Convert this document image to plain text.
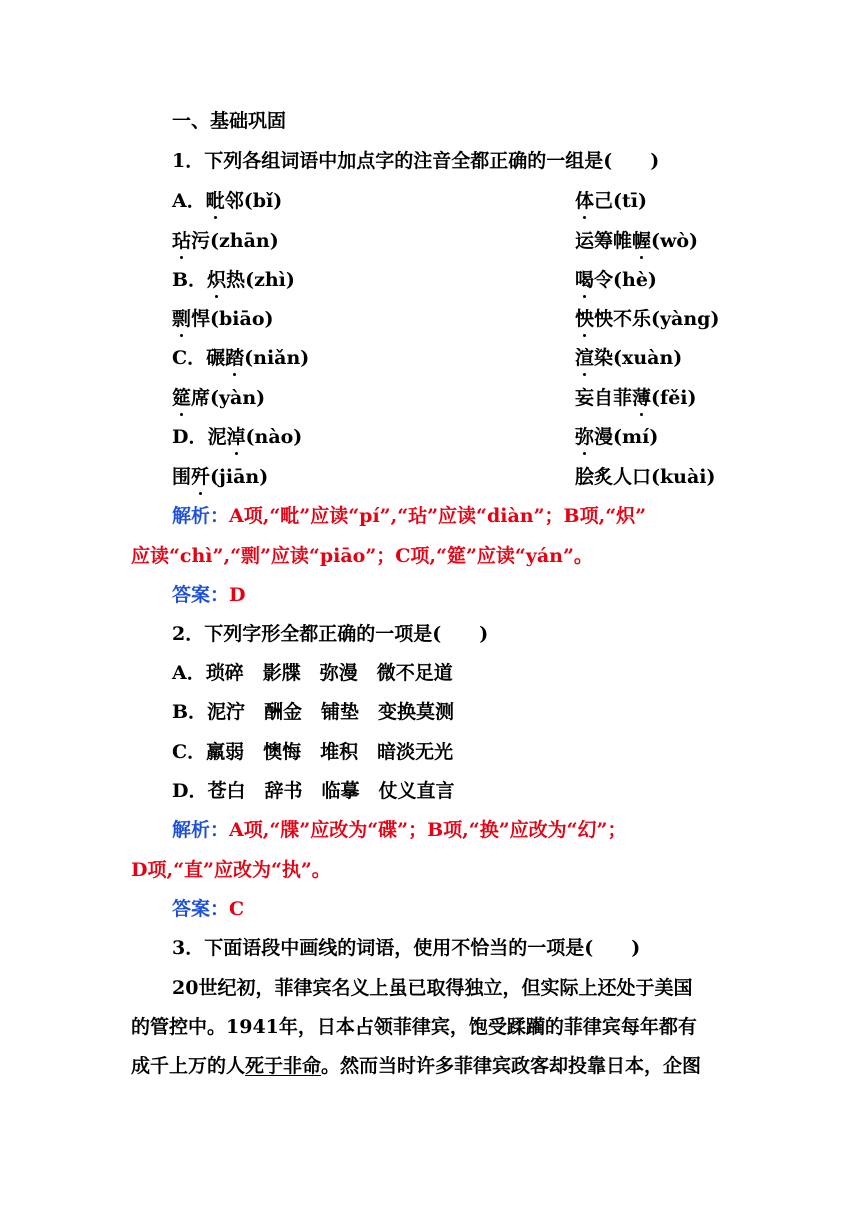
一、基础巩固
1．下列各组词语中加点字的注音全都正确的一组是(　　)
A．毗邻(bǐ)	体己(tī)
玷污(zhān)	运筹帷幄(wò)
B．炽热(zhì)	喝令(hè)
剽悍(biāo)	怏怏不乐(yàng)
C．碾踏(niǎn)	渲染(xuàn)
筵席(yàn)	妄自菲薄(fěi)
D．泥淖(nào)	弥漫(mí)
围歼(jiān)	脍炙人口(kuài)
解析：A项,“毗”应读“pí”,“玷”应读“diàn”；B项,“炽”
应读“chì”,“剽”应读“piāo”；C项,“筵”应读“yán”。
答案：D
2．下列字形全都正确的一项是(　　)
A．琐碎　影牒　弥漫　微不足道
B．泥泞　酬金　铺垫　变换莫测
C．羸弱　懊悔　堆积　暗淡无光
D．苍白　辞书　临摹　仗义直言
解析：A项,“牒”应改为“碟”；B项,“换”应改为“幻”；
D项,“直”应改为“执”。
答案：C
3．下面语段中画线的词语，使用不恰当的一项是(　　)
20世纪初，菲律宾名义上虽已取得独立，但实际上还处于美国
的管控中。1941年，日本占领菲律宾，饱受蹂躏的菲律宾每年都有
成千上万的人死于非命。然而当时许多菲律宾政客却投靠日本，企图
